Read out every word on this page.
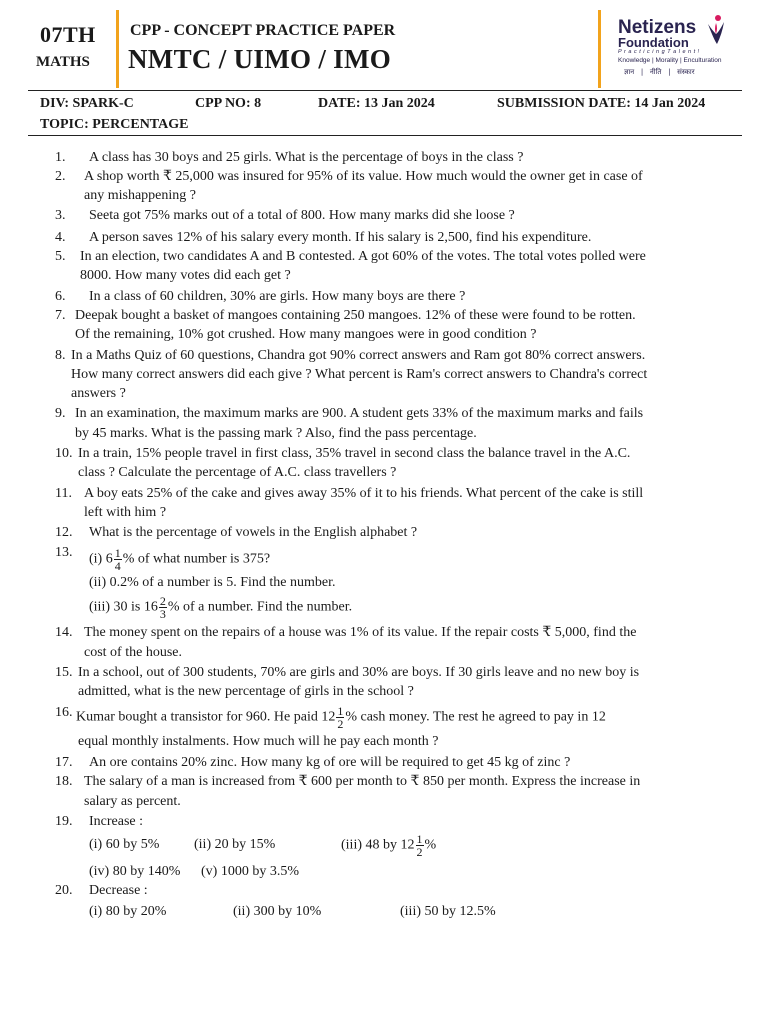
07TH
MATHS
CPP - CONCEPT PRACTICE PAPER
NMTC / UIMO / IMO
Netizens
Foundation
P r a c t i c i n g T a l e n t !
Knowledge | Morality | Enculturation
ज्ञान   |   नीति   |   संस्कार
DIV: SPARK-C	CPP NO: 8	DATE: 13 Jan 2024	SUBMISSION DATE: 14 Jan 2024
TOPIC: PERCENTAGE
1. A class has 30 boys and 25 girls. What is the percentage of boys in the class ?
2. A shop worth ₹ 25,000 was insured for 95% of its value. How much would the owner get in case of
any mishappening ?
3. Seeta got 75% marks out of a total of 800. How many marks did she loose ?
4. A person saves 12% of his salary every month. If his salary is 2,500, find his expenditure.
5. In an election, two candidates A and B contested. A got 60% of the votes. The total votes polled were
8000. How many votes did each get ?
6. In a class of 60 children, 30% are girls. How many boys are there ?
7. Deepak bought a basket of mangoes containing 250 mangoes. 12% of these were found to be rotten.
Of the remaining, 10% got crushed. How many mangoes were in good condition ?
8. In a Maths Quiz of 60 questions, Chandra got 90% correct answers and Ram got 80% correct answers.
How many correct answers did each give ? What percent is Ram's correct answers to Chandra's correct
answers ?
9. In an examination, the maximum marks are 900. A student gets 33% of the maximum marks and fails
by 45 marks. What is the passing mark ? Also, find the pass percentage.
10. In a train, 15% people travel in first class, 35% travel in second class the balance travel in the A.C.
class ? Calculate the percentage of A.C. class travellers ?
11. A boy eats 25% of the cake and gives away 35% of it to his friends. What percent of the cake is still
left with him ?
12. What is the percentage of vowels in the English alphabet ?
13. (i) $6 \frac{1}{4}$ % of what number is 375?
(ii) 0.2% of a number is 5. Find the number.
(iii) 30 is $16 \frac{2}{3}$ % of a number. Find the number.
14. The money spent on the repairs of a house was 1% of its value. If the repair costs ₹ 5,000, find the
cost of the house.
15. In a school, out of 300 students, 70% are girls and 30% are boys. If 30 girls leave and no new boy is
admitted, what is the new percentage of girls in the school ?
16. Kumar bought a transistor for 960. He paid $12 \frac{1}{2}$ % cash money. The rest he agreed to pay in 12
equal monthly instalments. How much will he pay each month ?
17. An ore contains 20% zinc. How many kg of ore will be required to get 45 kg of zinc ?
18. The salary of a man is increased from ₹ 600 per month to ₹ 850 per month. Express the increase in
salary as percent.
19. Increase :
(i) 60 by 5% (ii) 20 by 15%	(iii) 48 by $12 \frac{1}{2}$ %
(iv) 80 by 140% (v) 1000 by 3.5%
20. Decrease :
(i) 80 by 20%	(ii) 300 by 10%	(iii) 50 by 12.5%
